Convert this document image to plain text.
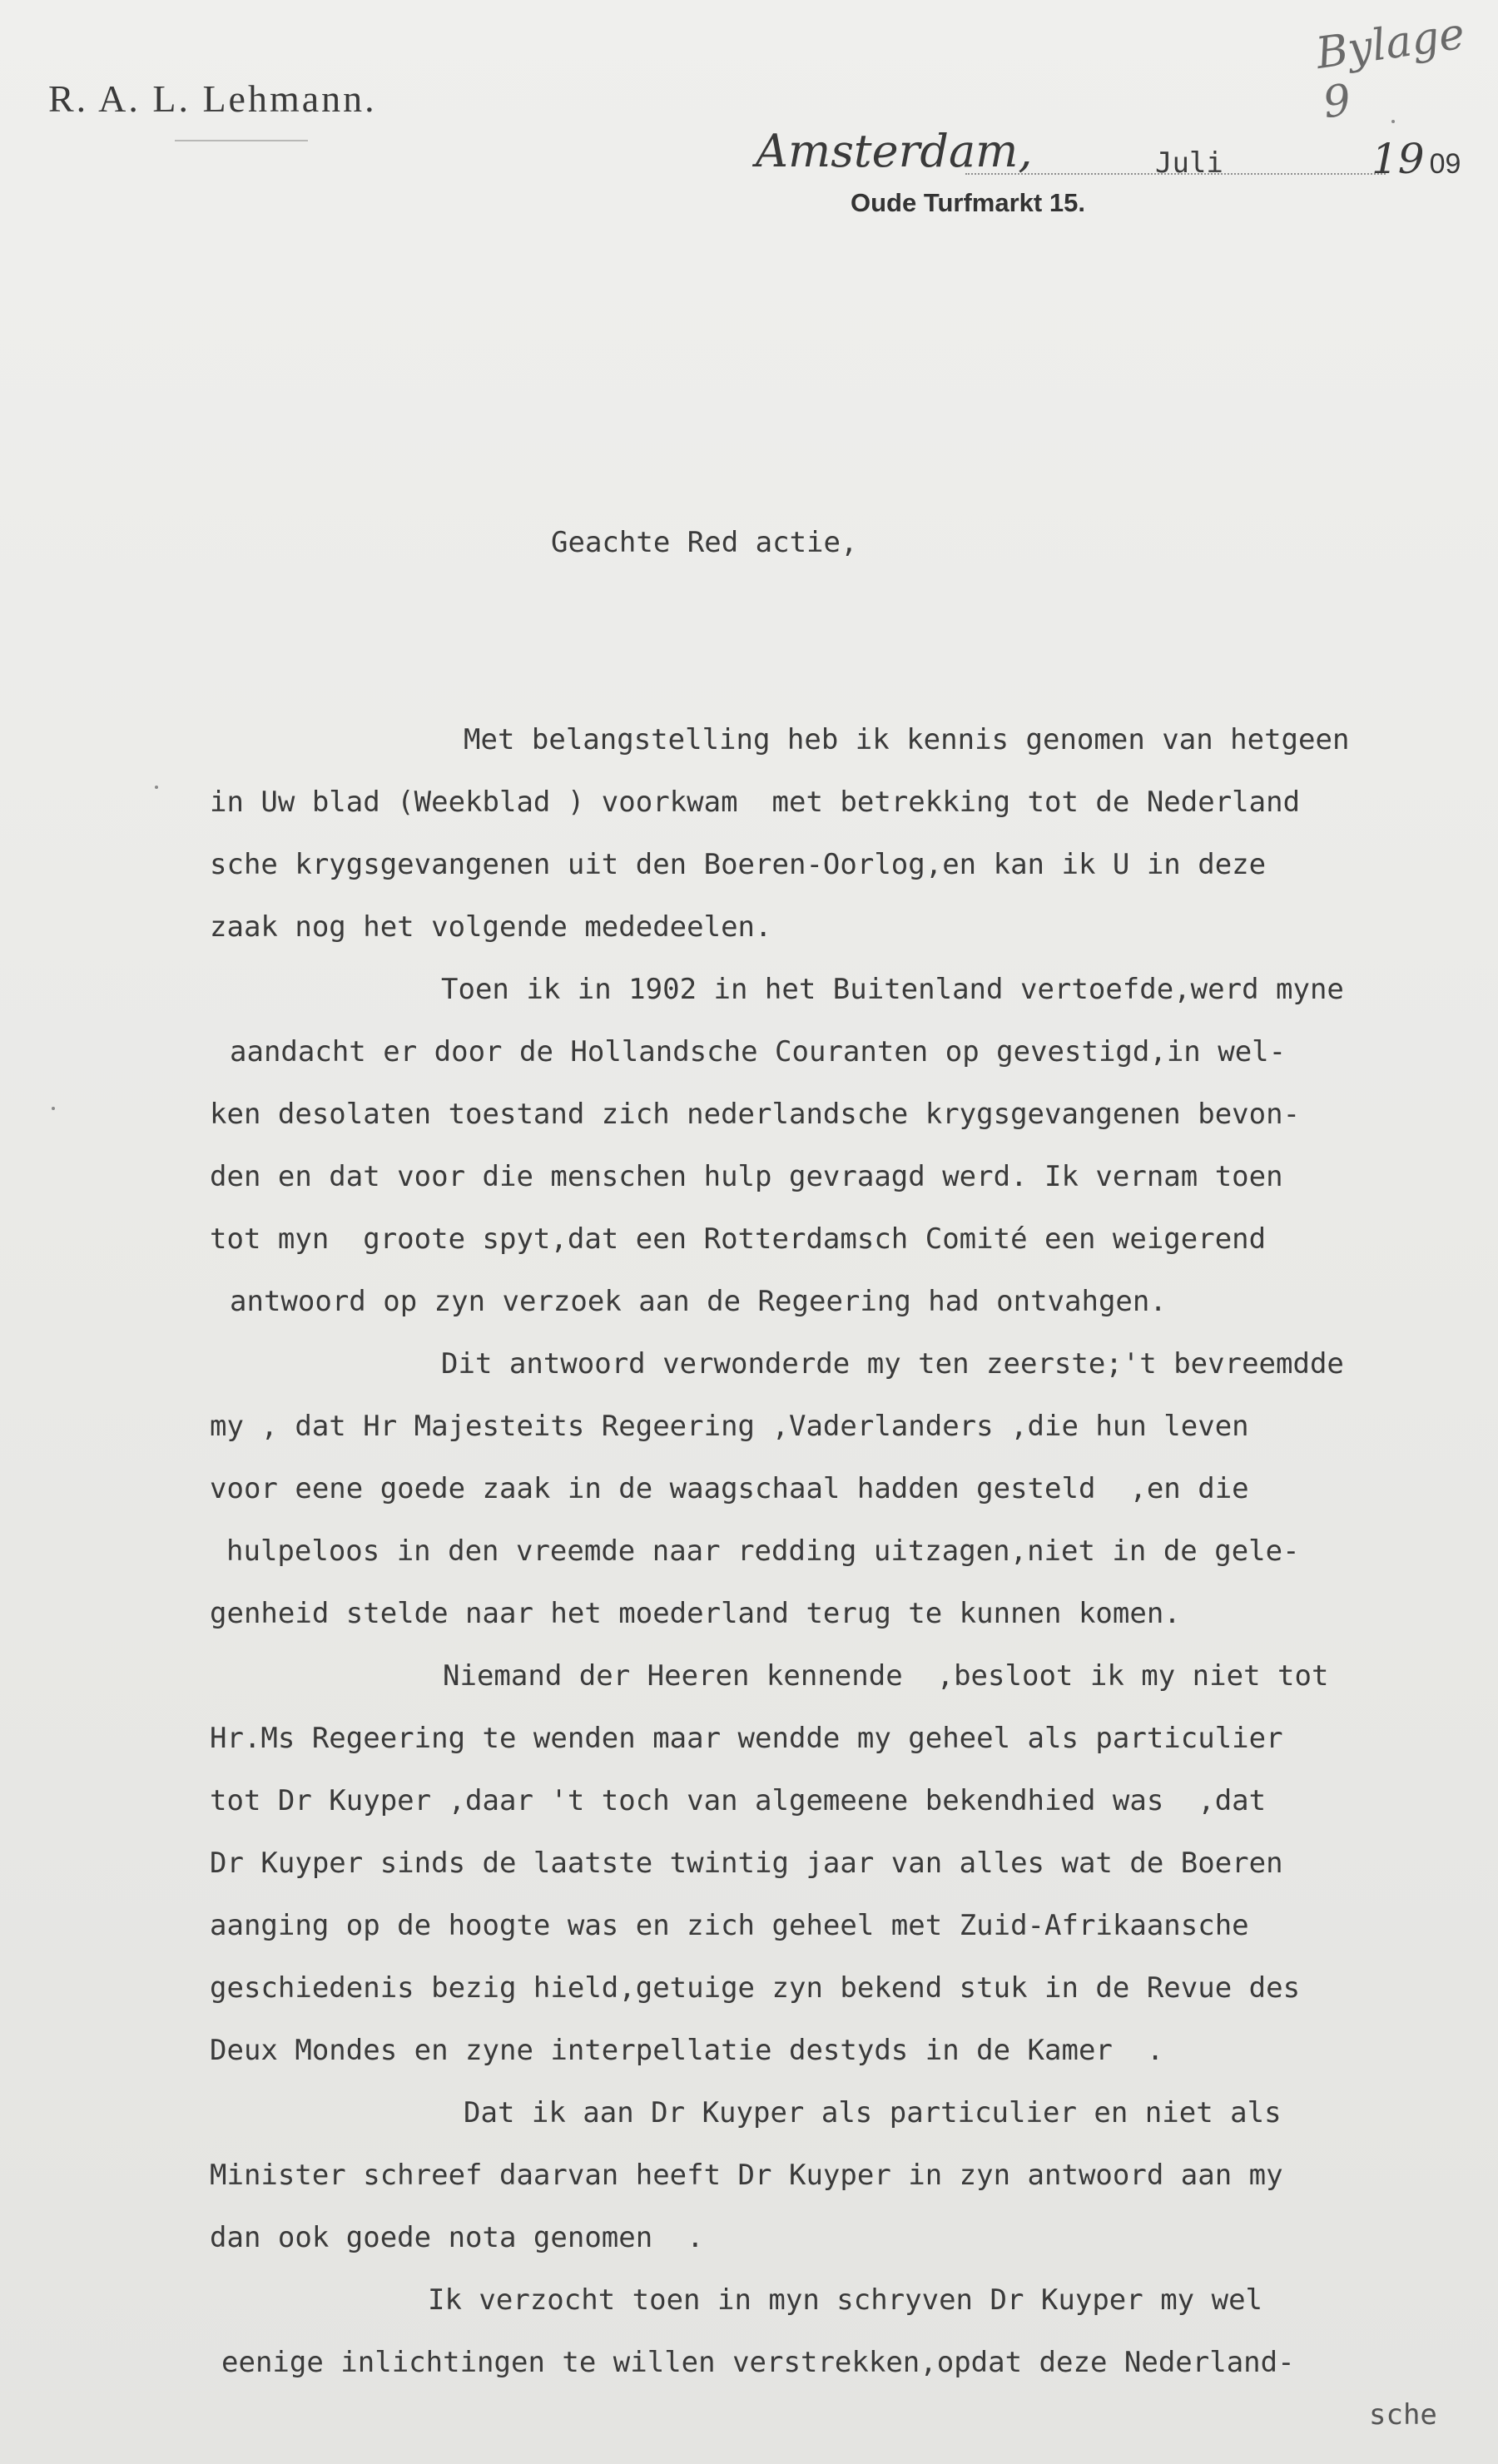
R. A. L. Lehmann.
Bylage 9
Amsterdam,	Juli	19 09
Oude Turfmarkt 15.
Geachte Red actie,
Met belangstelling heb ik kennis genomen van hetgeen
in Uw blad (Weekblad ) voorkwam  met betrekking tot de Nederland
sche krygsgevangenen uit den Boeren-Oorlog,en kan ik U in deze
zaak nog het volgende mededeelen.
Toen ik in 1902 in het Buitenland vertoefde,werd myne
aandacht er door de Hollandsche Couranten op gevestigd,in wel-
ken desolaten toestand zich nederlandsche krygsgevangenen bevon-
den en dat voor die menschen hulp gevraagd werd. Ik vernam toen
tot myn  groote spyt,dat een Rotterdamsch Comité een weigerend
antwoord op zyn verzoek aan de Regeering had ontvahgen.
Dit antwoord verwonderde my ten zeerste;'t bevreemdde
my , dat Hr Majesteits Regeering ,Vaderlanders ,die hun leven
voor eene goede zaak in de waagschaal hadden gesteld  ,en die
hulpeloos in den vreemde naar redding uitzagen,niet in de gele-
genheid stelde naar het moederland terug te kunnen komen.
Niemand der Heeren kennende  ,besloot ik my niet tot
Hr.Ms Regeering te wenden maar wendde my geheel als particulier
tot Dr Kuyper ,daar 't toch van algemeene bekendhied was  ,dat
Dr Kuyper sinds de laatste twintig jaar van alles wat de Boeren
aanging op de hoogte was en zich geheel met Zuid-Afrikaansche
geschiedenis bezig hield,getuige zyn bekend stuk in de Revue des
Deux Mondes en zyne interpellatie destyds in de Kamer  .
Dat ik aan Dr Kuyper als particulier en niet als
Minister schreef daarvan heeft Dr Kuyper in zyn antwoord aan my
dan ook goede nota genomen  .
Ik verzocht toen in myn schryven Dr Kuyper my wel
eenige inlichtingen te willen verstrekken,opdat deze Nederland-
sche
